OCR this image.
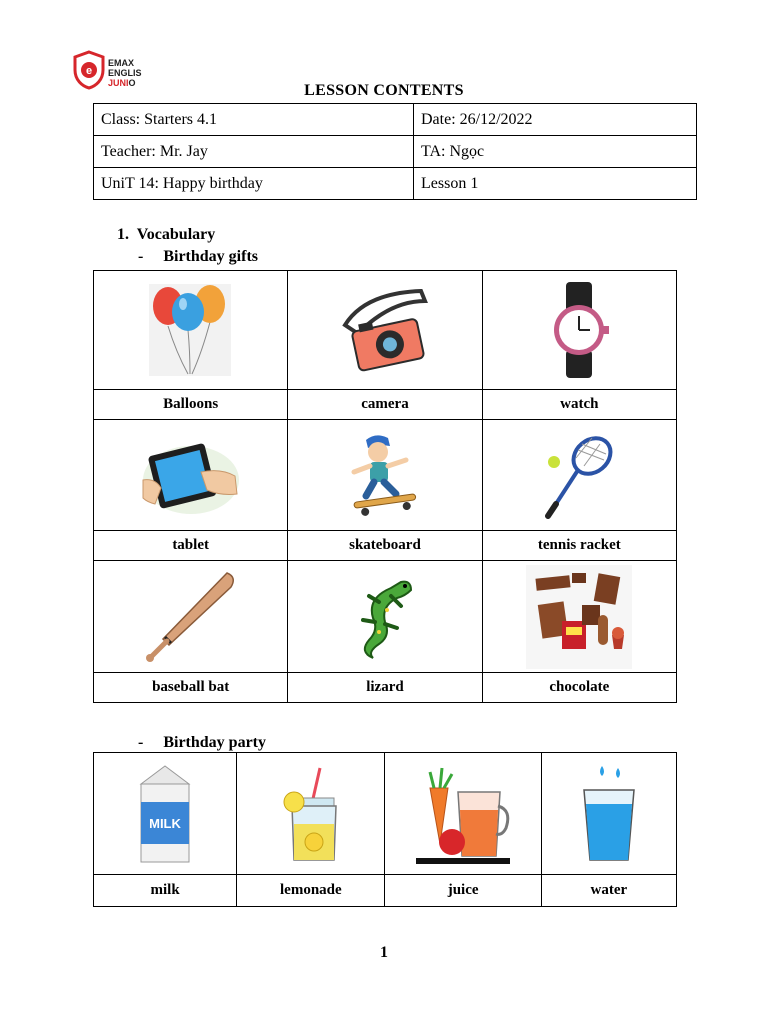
e
EMAX
ENGLIS
JUNIO	LESSON CONTENTS
Class: Starters 4.1	Date: 26/12/2022
Teacher: Mr. Jay	TA: Ngọc
UniT 14: Happy birthday	Lesson 1
1. Vocabulary
- Birthday gifts

Balloons	camera	watch

tablet	skateboard	tennis racket

baseball bat	lizard	chocolate
- Birthday party
MILK

milk	lemonade	juice	water
1
